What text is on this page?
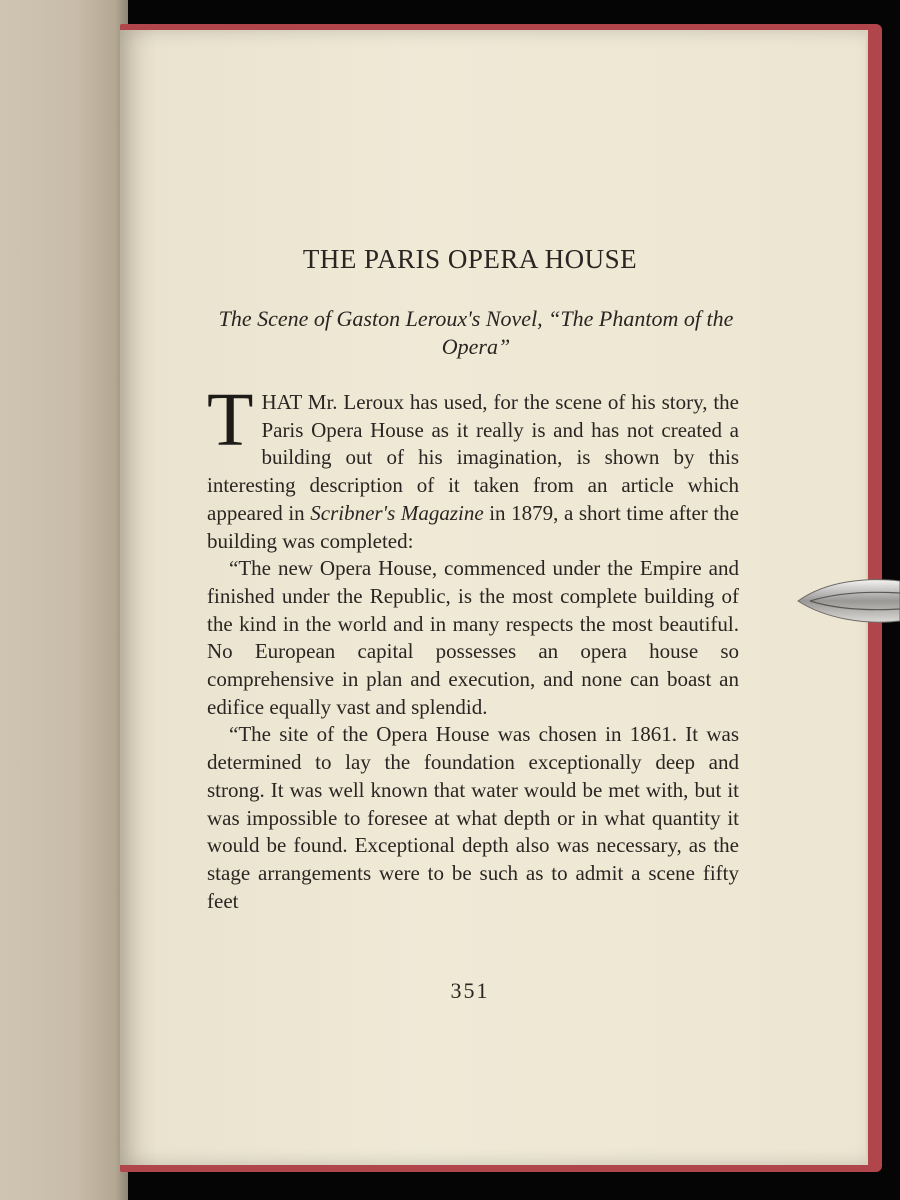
THE PARIS OPERA HOUSE

The Scene of Gaston Leroux's Novel, “The Phantom of the Opera”

THAT Mr. Leroux has used, for the scene of his story, the Paris Opera House as it really is and has not created a building out of his imagination, is shown by this interesting description of it taken from an article which appeared in Scribner's Magazine in 1879, a short time after the building was completed:

“The new Opera House, commenced under the Empire and finished under the Republic, is the most complete building of the kind in the world and in many respects the most beautiful. No European capital possesses an opera house so comprehensive in plan and execution, and none can boast an edifice equally vast and splendid.

“The site of the Opera House was chosen in 1861. It was determined to lay the foundation exceptionally deep and strong. It was well known that water would be met with, but it was impossible to foresee at what depth or in what quantity it would be found. Exceptional depth also was necessary, as the stage arrangements were to be such as to admit a scene fifty feet

351
